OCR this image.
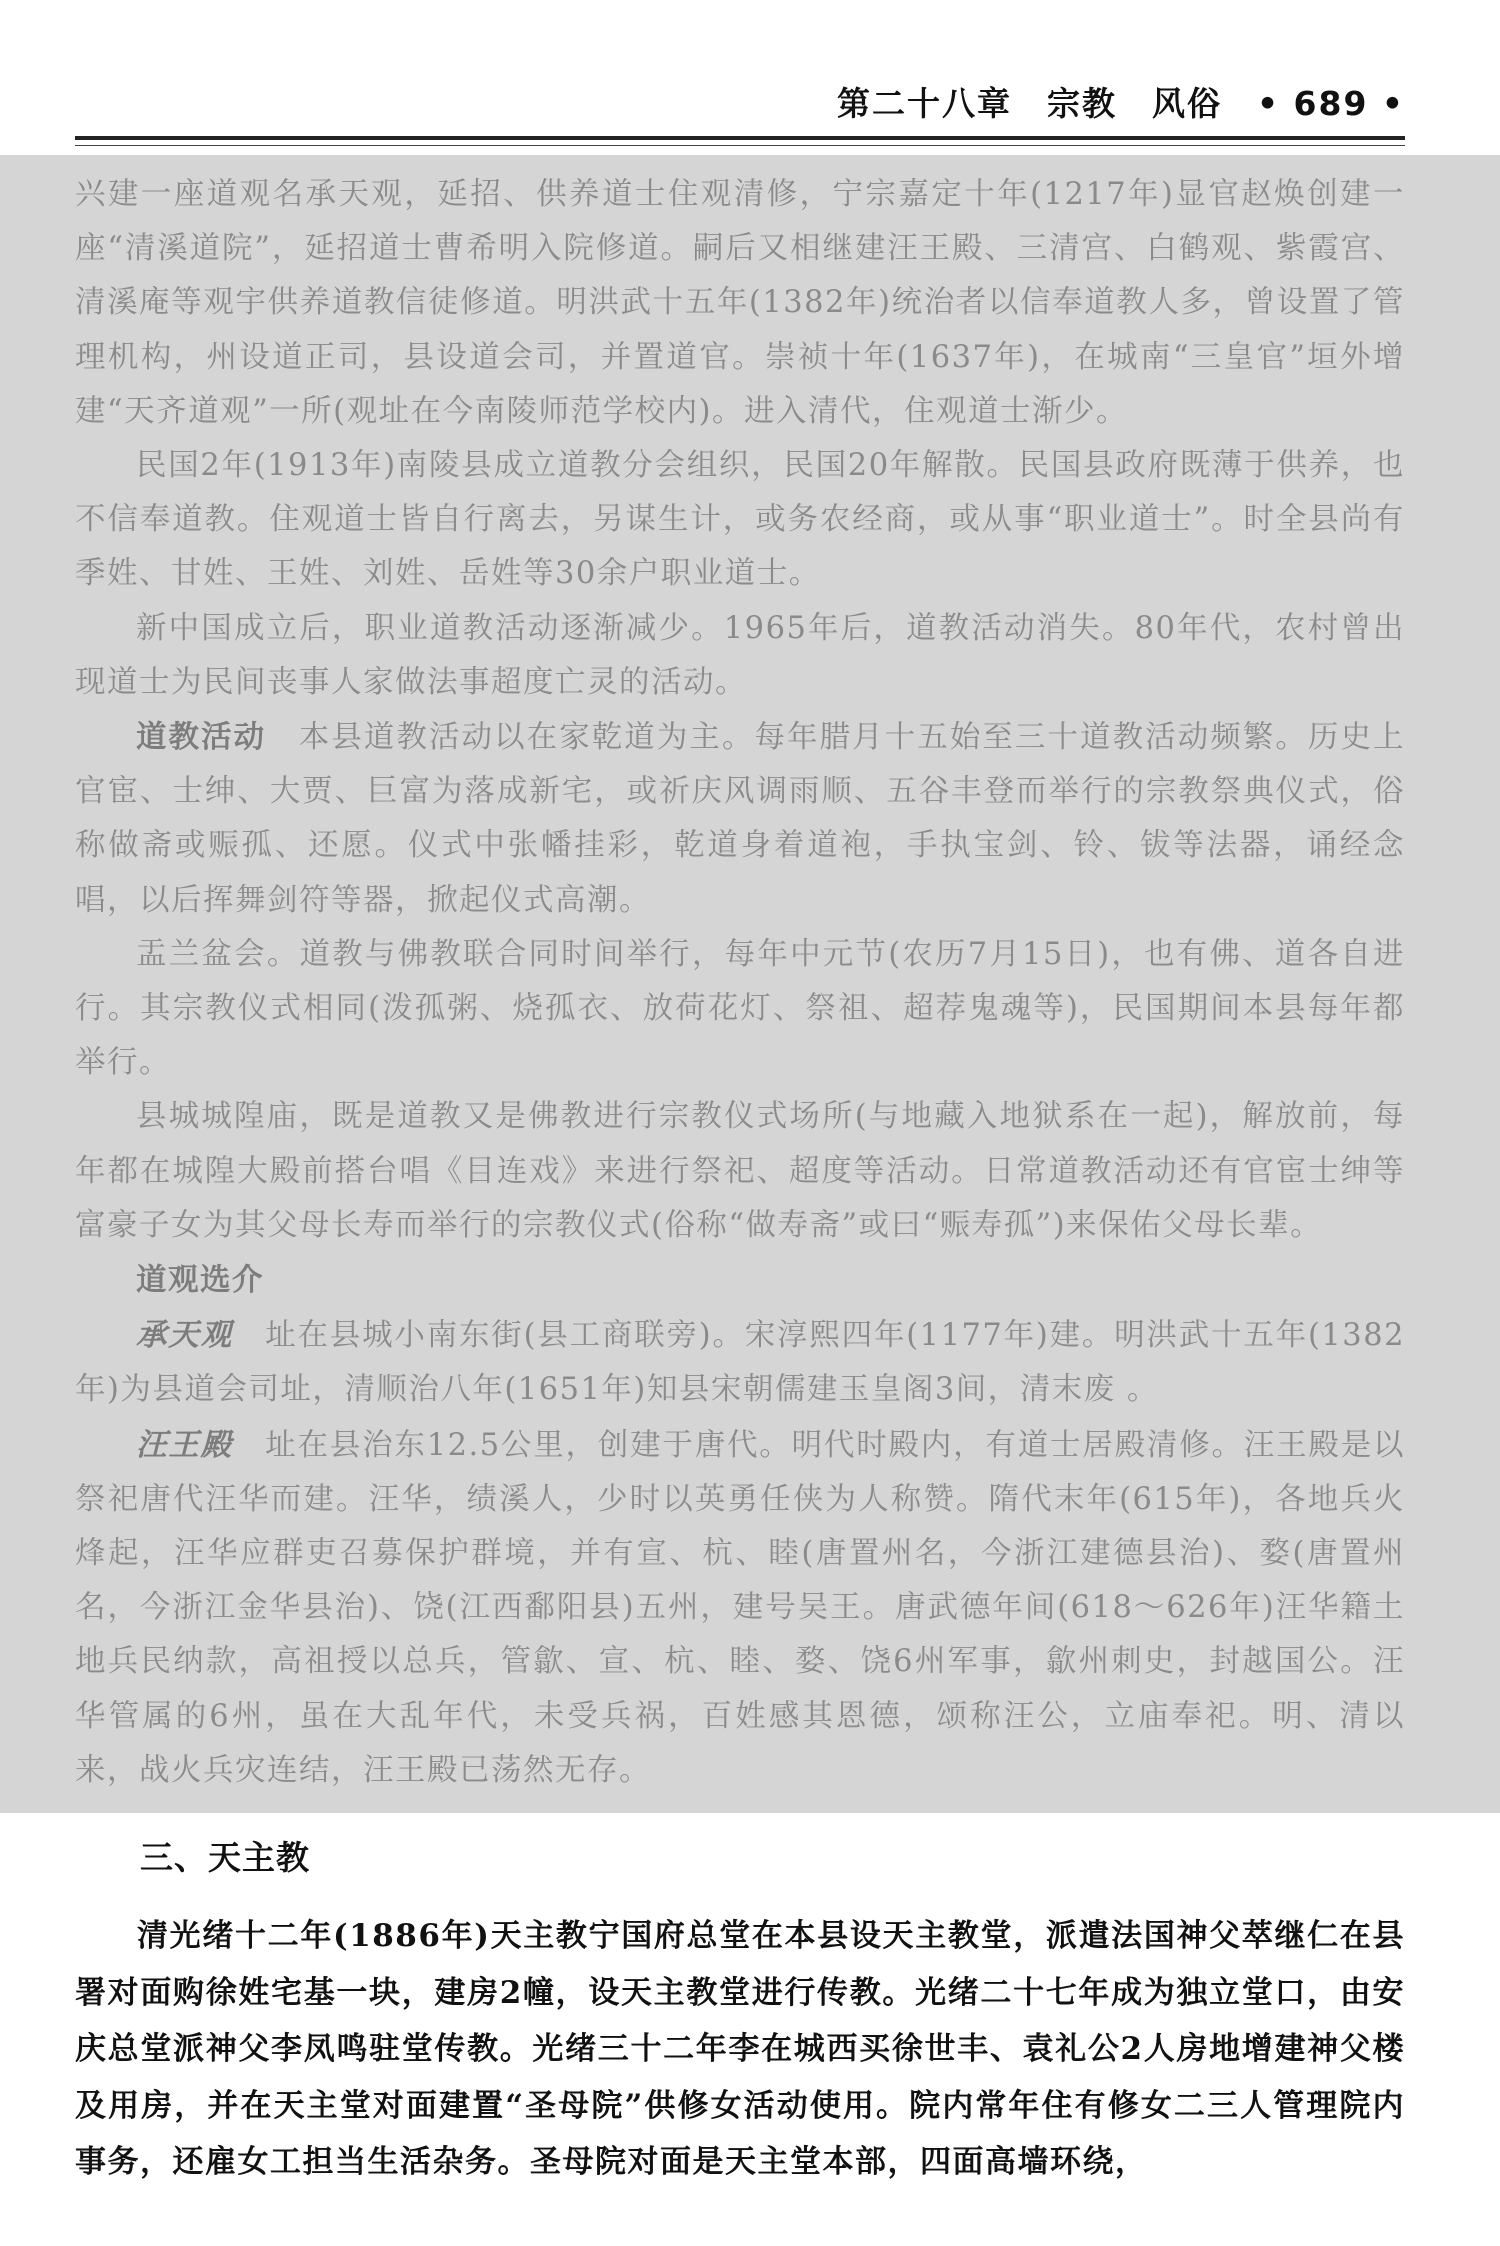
第二十八章　宗教　风俗　• 689 •

兴建一座道观名承天观，延招、供养道士住观清修，宁宗嘉定十年(1217年)显官赵焕创建一座“清溪道院”，延招道士曹希明入院修道。嗣后又相继建汪王殿、三清宫、白鹤观、紫霞宫、清溪庵等观宇供养道教信徒修道。明洪武十五年(1382年)统治者以信奉道教人多，曾设置了管理机构，州设道正司，县设道会司，并置道官。崇祯十年(1637年)，在城南“三皇官”垣外增建“天齐道观”一所(观址在今南陵师范学校内)。进入清代，住观道士渐少。

民国2年(1913年)南陵县成立道教分会组织，民国20年解散。民国县政府既薄于供养，也不信奉道教。住观道士皆自行离去，另谋生计，或务农经商，或从事“职业道士”。时全县尚有季姓、甘姓、王姓、刘姓、岳姓等30余户职业道士。

新中国成立后，职业道教活动逐渐减少。1965年后，道教活动消失。80年代，农村曾出现道士为民间丧事人家做法事超度亡灵的活动。

道教活动　本县道教活动以在家乾道为主。每年腊月十五始至三十道教活动频繁。历史上官宦、士绅、大贾、巨富为落成新宅，或祈庆风调雨顺、五谷丰登而举行的宗教祭典仪式，俗称做斋或赈孤、还愿。仪式中张幡挂彩，乾道身着道袍，手执宝剑、铃、钹等法器，诵经念唱，以后挥舞剑符等器，掀起仪式高潮。

盂兰盆会。道教与佛教联合同时间举行，每年中元节(农历7月15日)，也有佛、道各自进 行。其宗教仪式相同(泼孤粥、烧孤衣、放荷花灯、祭祖、超荐鬼魂等)，民国期间本县每年都举行。

县城城隍庙，既是道教又是佛教进行宗教仪式场所(与地藏入地狱系在一起)，解放前，每年都在城隍大殿前搭台唱《目连戏》来进行祭祀、超度等活动。日常道教活动还有官宦士绅等富豪子女为其父母长寿而举行的宗教仪式(俗称“做寿斋”或曰“赈寿孤”)来保佑父母长辈。

道观选介

承天观　址在县城小南东街(县工商联旁)。宋淳熙四年(1177年)建。明洪武十五年(1382年)为县道会司址，清顺治八年(1651年)知县宋朝儒建玉皇阁3间，清末废 。

汪王殿　址在县治东12.5公里，创建于唐代。明代时殿内，有道士居殿清修。汪王殿是以祭祀唐代汪华而建。汪华，绩溪人，少时以英勇任侠为人称赞。隋代末年(615年)，各地兵火烽起，汪华应群吏召募保护群境，并有宣、杭、睦(唐置州名，今浙江建德县治)、婺(唐置州名，今浙江金华县治)、饶(江西鄱阳县)五州，建号吴王。唐武德年间(618～626年)汪华籍土地兵民纳款，高祖授以总兵，管歙、宣、杭、睦、婺、饶6州军事，歙州刺史，封越国公。汪华管属的6州，虽在大乱年代，未受兵祸，百姓感其恩德，颂称汪公，立庙奉祀。明、清以来，战火兵灾连结，汪王殿已荡然无存。

三、天主教

清光绪十二年(1886年)天主教宁国府总堂在本县设天主教堂，派遣法国神父萃继仁在县署对面购徐姓宅基一块，建房2幢，设天主教堂进行传教。光绪二十七年成为独立堂口，由安庆总堂派神父李凤鸣驻堂传教。光绪三十二年李在城西买徐世丰、袁礼公2人房地增建神父楼及用房，并在天主堂对面建置“圣母院”供修女活动使用。院内常年住有修女二三人管理院内事务，还雇女工担当生活杂务。圣母院对面是天主堂本部，四面高墙环绕，
